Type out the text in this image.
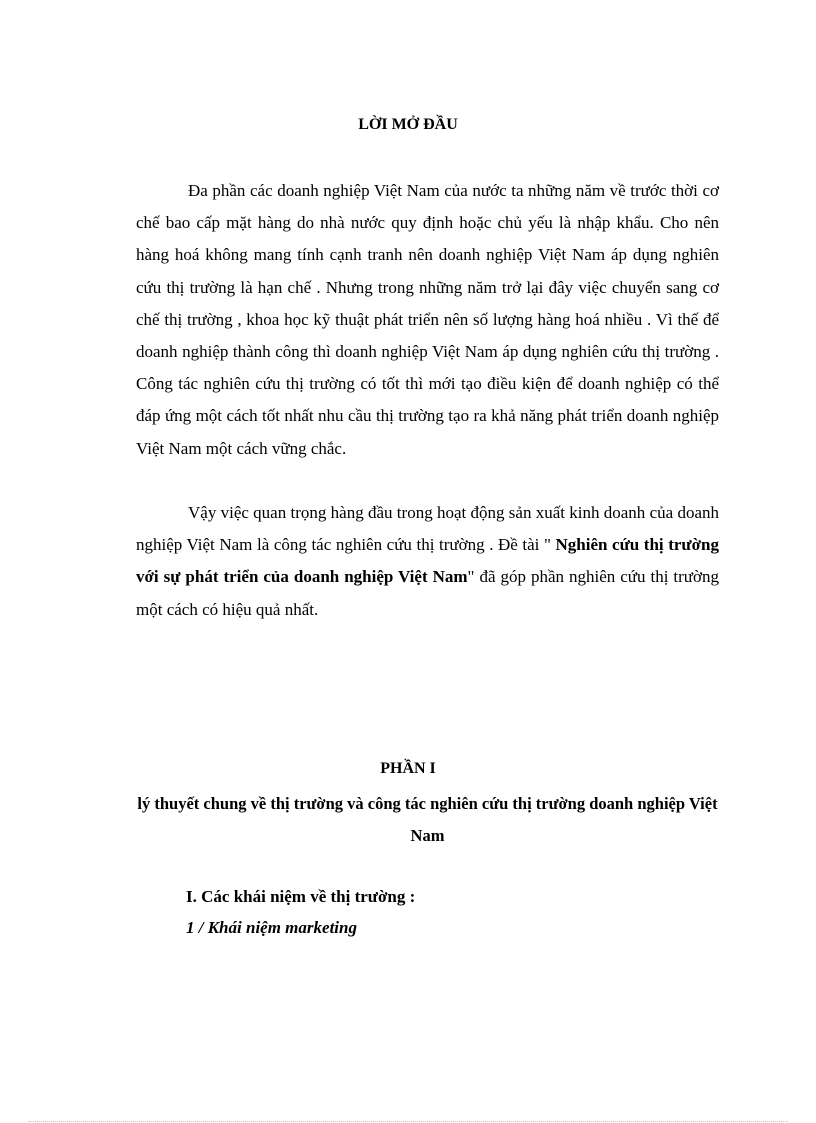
LỜI MỞ ĐẦU

Đa phần các doanh nghiệp Việt Nam của nước ta những năm về trước thời cơ chế bao cấp mặt hàng do nhà nước quy định hoặc chủ yếu là nhập khẩu. Cho nên hàng hoá không mang tính cạnh tranh nên doanh nghiệp Việt Nam áp dụng nghiên cứu thị trường là hạn chế . Nhưng trong những năm trở lại đây việc chuyển sang cơ chế thị trường , khoa học kỹ thuật phát triển nên số lượng hàng hoá nhiều . Vì thế để doanh nghiệp thành công thì doanh nghiệp Việt Nam áp dụng nghiên cứu thị trường . Công tác nghiên cứu thị trường có tốt thì mới tạo điều kiện để doanh nghiệp có thể đáp ứng một cách tốt nhất nhu cầu thị trường tạo ra khả năng phát triển doanh nghiệp Việt Nam một cách vững chắc.

Vậy việc quan trọng hàng đầu trong hoạt động sản xuất kinh doanh của doanh nghiệp Việt Nam là công tác nghiên cứu thị trường . Đề tài " Nghiên cứu thị trường với sự phát triển của doanh nghiệp Việt Nam" đã góp phần nghiên cứu thị trường một cách có hiệu quả nhất.

PHẦN I
lý thuyết chung về thị trường và công tác nghiên cứu thị trường doanh nghiệp Việt Nam
I. Các khái niệm về thị trường :
1 / Khái niệm marketing
